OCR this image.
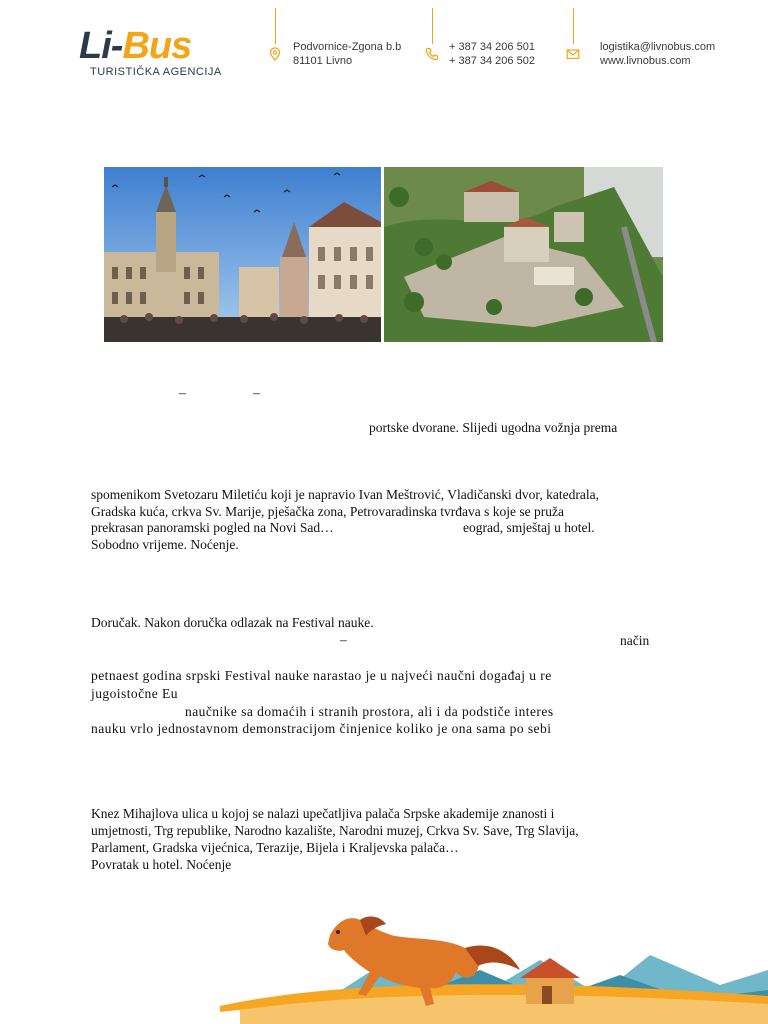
Li-Bus
TURISTIČKA AGENCIJA
Podvornice-Zgona b.b
81101 Livno
+ 387 34 206 501
+ 387 34 206 502
logistika@livnobus.com
www.livnobus.com
–	–
portske dvorane. Slijedi ugodna vožnja prema
spomenikom Svetozaru Miletiću koji je napravio Ivan Meštrović, Vladičanski dvor, katedrala,
Gradska kuća, crkva Sv. Marije, pješačka zona, Petrovaradinska tvrđava s koje se pruža
prekrasan panoramski pogled na Novi Sad…	eograd, smještaj u hotel.
Sobodno vrijeme. Noćenje.
Doručak. Nakon doručka odlazak na Festival nauke.
–	način
petnaest godina srpski Festival nauke narastao je u najveći naučni događaj u re
jugoistočne Eu
naučnike sa domaćih i stranih prostora, ali i da podstiče interes
nauku vrlo jednostavnom demonstracijom činjenice koliko je ona sama po sebi
Knez Mihajlova ulica u kojoj se nalazi upečatljiva palača Srpske akademije znanosti i
umjetnosti, Trg republike, Narodno kazalište, Narodni muzej, Crkva Sv. Save, Trg Slavija,
Parlament, Gradska vijećnica, Terazije, Bijela i Kraljevska palača…
Povratak u hotel. Noćenje
